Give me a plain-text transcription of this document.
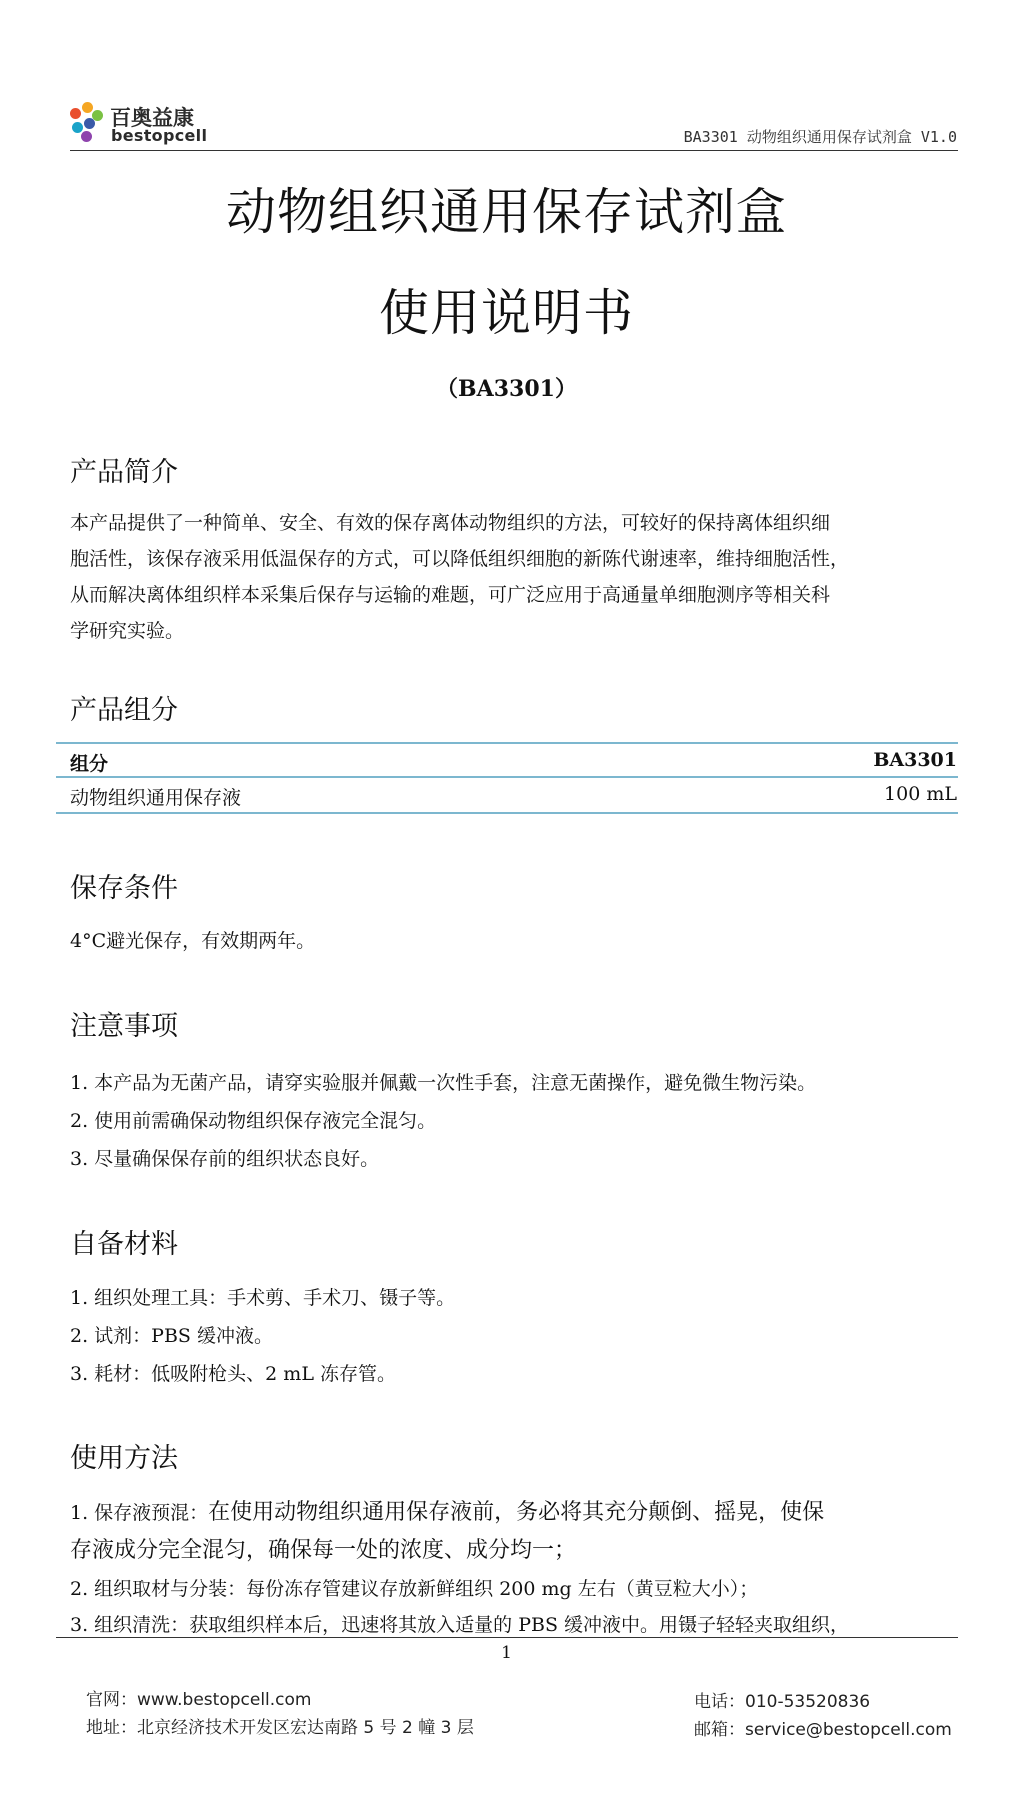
百奥益康
bestopcell	BA3301 动物组织通用保存试剂盒 V1.0
动物组织通用保存试剂盒
使用说明书
（BA3301）
产品简介
本产品提供了一种简单、安全、有效的保存离体动物组织的方法，可较好的保持离体组织细
胞活性，该保存液采用低温保存的方式，可以降低组织细胞的新陈代谢速率，维持细胞活性，
从而解决离体组织样本采集后保存与运输的难题，可广泛应用于高通量单细胞测序等相关科
学研究实验。
产品组分
组分	BA3301
动物组织通用保存液	100 mL
保存条件
4°C避光保存，有效期两年。
注意事项
1. 本产品为无菌产品，请穿实验服并佩戴一次性手套，注意无菌操作，避免微生物污染。
2. 使用前需确保动物组织保存液完全混匀。
3. 尽量确保保存前的组织状态良好。
自备材料
1. 组织处理工具：手术剪、手术刀、镊子等。
2. 试剂：PBS 缓冲液。
3. 耗材：低吸附枪头、2 mL 冻存管。
使用方法
1. 保存液预混：在使用动物组织通用保存液前，务必将其充分颠倒、摇晃，使保
存液成分完全混匀，确保每一处的浓度、成分均一；
2. 组织取材与分装：每份冻存管建议存放新鲜组织 200 mg 左右（黄豆粒大小）；
3. 组织清洗：获取组织样本后，迅速将其放入适量的 PBS 缓冲液中。用镊子轻轻夹取组织，
1
官网：www.bestopcell.com
地址：北京经济技术开发区宏达南路 5 号 2 幢 3 层
电话：010-53520836
邮箱：service@bestopcell.com
